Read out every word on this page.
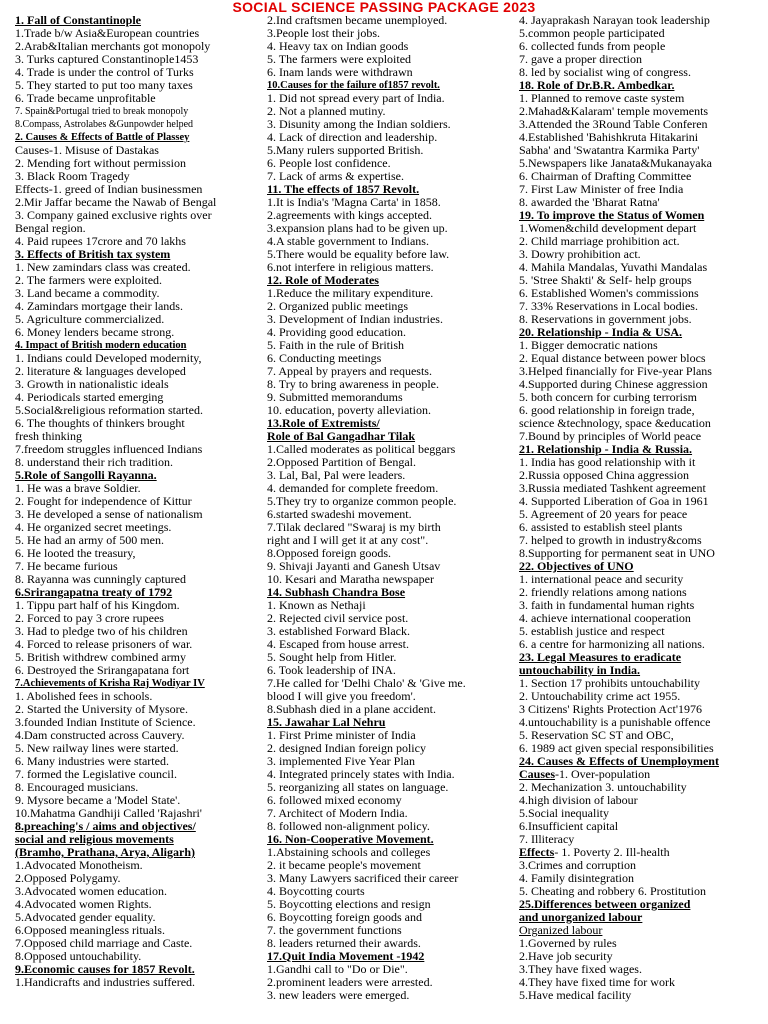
SOCIAL SCIENCE PASSING PACKAGE 2023
1. Fall of Constantinople
1.Trade b/w Asia&European countries
2.Arab&Italian merchants got monopoly
3. Turks captured Constantinople1453
4. Trade is under the control of Turks
5. They started to put too many taxes
6. Trade became unprofitable
7. Spain&Portugal tried to break monopoly
8.Compass, Astrolabes &Gunpowder helped
2. Causes & Effects of Battle of Plassey
Causes-1. Misuse of Dastakas
2. Mending fort without permission
3. Black Room Tragedy
Effects-1. greed of Indian businessmen
2.Mir Jaffar became the Nawab of Bengal
3. Company gained exclusive rights over
Bengal region.
4. Paid rupees 17crore and 70 lakhs
3. Effects of British tax system
1. New zamindars class was created.
2. The farmers were exploited.
3. Land became a commodity.
4. Zamindars mortgage their lands.
5. Agriculture commercialized.
6. Money lenders became strong.
4. Impact of British modern education
1. Indians could Developed modernity,
2. literature & languages developed
3. Growth in nationalistic ideals
4. Periodicals started emerging
5.Social&religious reformation started.
6. The thoughts of thinkers brought
fresh thinking
7.freedom struggles influenced Indians
8. understand their rich tradition.
5.Role of Sangolli Rayanna.
1. He was a brave Soldier.
2. Fought for independence of Kittur
3. He developed a sense of nationalism
4. He organized secret meetings.
5. He had an army of 500 men.
6. He looted the treasury,
7. He became furious
8. Rayanna was cunningly captured
6.Srirangapatna treaty of 1792
1. Tippu part half of his Kingdom.
2. Forced to pay 3 crore rupees
3. Had to pledge two of his children
4. Forced to release prisoners of war.
5. British withdrew combined army
6. Destroyed the Srirangapatana fort
7.Achievements of Krisha Raj Wodiyar IV
1. Abolished fees in schools.
2. Started the University of Mysore.
3.founded Indian Institute of Science.
4.Dam constructed across Cauvery.
5. New railway lines were started.
6. Many industries were started.
7. formed the Legislative council.
8. Encouraged musicians.
9. Mysore became a 'Model State'.
10.Mahatma Gandhiji Called 'Rajashri'
8.preaching's / aims and objectives/
social and religious movements
(Bramho, Prathana, Arya, Aligarh)
1.Advocated Monotheism.
2.Opposed Polygamy.
3.Advocated women education.
4.Advocated women Rights.
5.Advocated gender equality.
6.Opposed meaningless rituals.
7.Opposed child marriage and Caste.
8.Opposed untouchability.
9.Economic causes for 1857 Revolt.
1.Handicrafts and industries suffered.
2.Ind craftsmen became unemployed.
3.People lost their jobs.
4. Heavy tax on Indian goods
5. The farmers were exploited
6. Inam lands were withdrawn
10.Causes for the failure of1857 revolt.
1. Did not spread every part of India.
2. Not a planned mutiny.
3. Disunity among the Indian soldiers.
4. Lack of direction and leadership.
5.Many rulers supported British.
6. People lost confidence.
7. Lack of arms & expertise.
11. The effects of 1857 Revolt.
1.It is India's 'Magna Carta' in 1858.
2.agreements with kings accepted.
3.expansion plans had to be given up.
4.A stable government to Indians.
5.There would be equality before law.
6.not interfere in religious matters.
12. Role of Moderates
1.Reduce the military expenditure.
2. Organized public meetings
3. Development of Indian industries.
4. Providing good education.
5. Faith in the rule of British
6. Conducting meetings
7. Appeal by prayers and requests.
8. Try to bring awareness in people.
9. Submitted memorandums
10. education, poverty alleviation.
13.Role of Extremists/
Role of Bal Gangadhar Tilak
1.Called moderates as political beggars
2.Opposed Partition of Bengal.
3. Lal, Bal, Pal were leaders.
4. demanded for complete freedom.
5.They try to organize common people.
6.started swadeshi movement.
7.Tilak declared "Swaraj is my birth
right and I will get it at any cost".
8.Opposed foreign goods.
9. Shivaji Jayanti and Ganesh Utsav
10. Kesari and Maratha newspaper
14. Subhash Chandra Bose
1. Known as Nethaji
2. Rejected civil service post.
3. established Forward Black.
4. Escaped from house arrest.
5. Sought help from Hitler.
6. Took leadership of INA.
7.He called for 'Delhi Chalo' & 'Give me.
blood I will give you freedom'.
8.Subhash died in a plane accident.
15. Jawahar Lal Nehru
1. First Prime minister of India
2. designed Indian foreign policy
3. implemented Five Year Plan
4. Integrated princely states with India.
5. reorganizing all states on language.
6. followed mixed economy
7. Architect of Modern India.
8. followed non-alignment policy.
16. Non-Cooperative Movement.
1.Abstaining schools and colleges
2. it became people's movement
3. Many Lawyers sacrificed their career
4. Boycotting courts
5. Boycotting elections and resign
6. Boycotting foreign goods and
7. the government functions
8. leaders returned their awards.
17.Quit India Movement -1942
1.Gandhi call to "Do or Die".
2.prominent leaders were arrested.
3. new leaders were emerged.
4. Jayaprakash Narayan took leadership
5.common people participated
6. collected funds from people
7. gave a proper direction
8. led by socialist wing of congress.
18. Role of Dr.B.R. Ambedkar.
1. Planned to remove caste system
2.Mahad&Kalaram' temple movements
3.Attended the 3Round Table Conferen
4.Established 'Bahishkruta Hitakarini
Sabha' and 'Swatantra Karmika Party'
5.Newspapers like Janata&Mukanayaka
6. Chairman of Drafting Committee
7. First Law Minister of free India
8. awarded the 'Bharat Ratna'
19. To improve the Status of Women
1.Women&child development depart
2. Child marriage prohibition act.
3. Dowry prohibition act.
4. Mahila Mandalas, Yuvathi Mandalas
5. 'Stree Shakti' & Self- help groups
6. Established Women's commissions
7. 33% Reservations in Local bodies.
8. Reservations in government jobs.
20. Relationship - India & USA.
1. Bigger democratic nations
2. Equal distance between power blocs
3.Helped financially for Five-year Plans
4.Supported during Chinese aggression
5. both concern for curbing terrorism
6. good relationship in foreign trade,
science &technology, space &education
7.Bound by principles of World peace
21. Relationship - India & Russia.
1. India has good relationship with it
2.Russia opposed China aggression
3.Russia mediated Tashkent agreement
4. Supported Liberation of Goa in 1961
5. Agreement of 20 years for peace
6. assisted to establish steel plants
7. helped to growth in industry&coms
8.Supporting for permanent seat in UNO
22. Objectives of UNO
1. international peace and security
2. friendly relations among nations
3. faith in fundamental human rights
4. achieve international cooperation
5. establish justice and respect
6. a centre for harmonizing all nations.
23. Legal Measures to eradicate
untouchability in India.
1. Section 17 prohibits untouchability
2. Untouchability crime act 1955.
3 Citizens' Rights Protection Act'1976
4.untouchability is a punishable offence
5. Reservation SC ST and OBC,
6. 1989 act given special responsibilities
24. Causes & Effects of Unemployment
Causes-1. Over-population
2. Mechanization 3. untouchability
4.high division of labour
5.Social inequality
6.Insufficient capital
7. Illiteracy
Effects- 1. Poverty 2. Ill-health
3.Crimes and corruption
4. Family disintegration
5. Cheating and robbery 6. Prostitution
25.Differences between organized
and unorganized labour
Organized labour
1.Governed by rules
2.Have job security
3.They have fixed wages.
4.They have fixed time for work
5.Have medical facility
